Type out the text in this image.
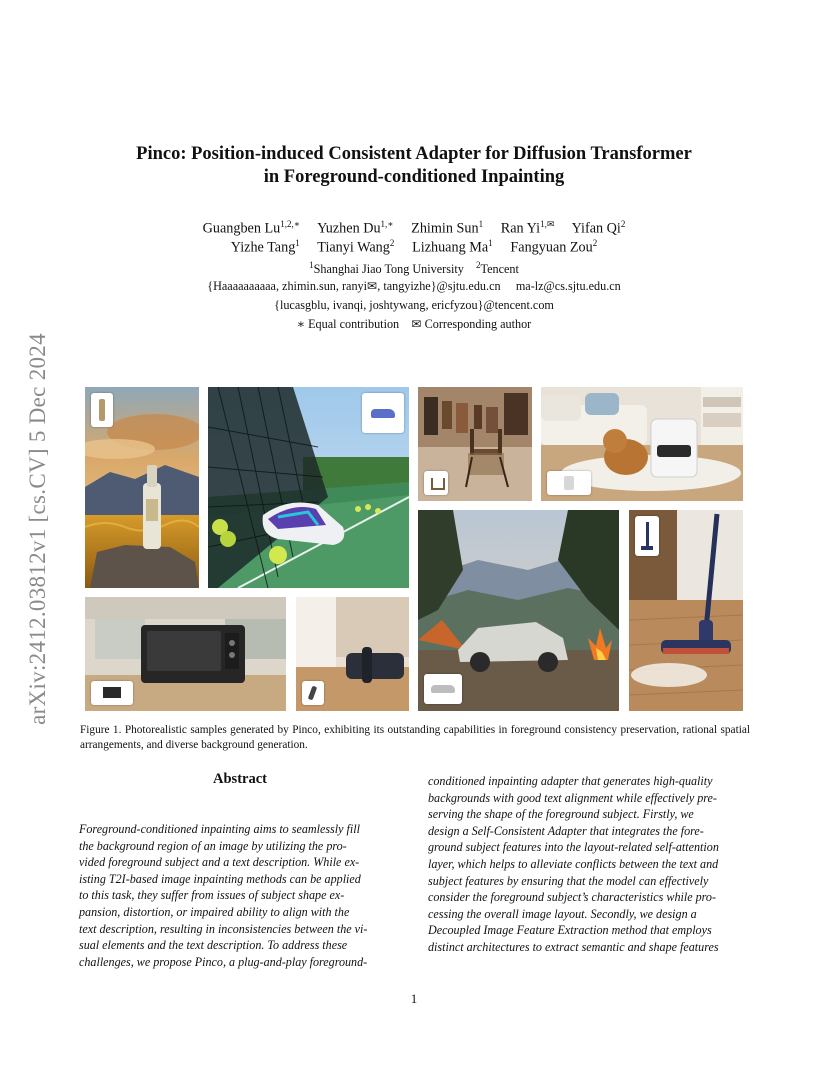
arXiv:2412.03812v1 [cs.CV] 5 Dec 2024
Pinco: Position-induced Consistent Adapter for Diffusion Transformer
in Foreground-conditioned Inpainting
Guangben $Lu^{1,2,∗}$ Yuzhen $Du^{1,∗}$ Zhimin Sun$^1$ Ran $Yi^{1,✉}$ Yifan Qi$^2$
Yizhe Tang$^1$ Tianyi Wang$^2$ Lizhuang Ma$^1$ Fangyuan Zou$^2$
$^1$Shanghai Jiao Tong University $^2$Tencent
{Haaaaaaaaaa, zhimin.sun, ranyi✉, tangyizhe}@sjtu.edu.cn ma-lz@cs.sjtu.edu.cn
{lucasgblu, ivanqi, joshtywang, ericfyzou}@tencent.com
∗ Equal contribution ✉ Corresponding author
Figure 1. Photorealistic samples generated by Pinco, exhibiting its outstanding capabilities in foreground consistency preservation, rational spatial arrangements, and diverse background generation.
Abstract

Foreground-conditioned inpainting aims to seamlessly fill

the background region of an image by utilizing the pro-

vided foreground subject and a text description. While ex-

isting T2I-based image inpainting methods can be applied

to this task, they suffer from issues of subject shape ex-

pansion, distortion, or impaired ability to align with the

text description, resulting in inconsistencies between the vi-

sual elements and the text description. To address these

challenges, we propose Pinco, a plug-and-play foreground-

conditioned inpainting adapter that generates high-quality

backgrounds with good text alignment while effectively pre-

serving the shape of the foreground subject. Firstly, we

design a Self-Consistent Adapter that integrates the fore-

ground subject features into the layout-related self-attention

layer, which helps to alleviate conflicts between the text and

subject features by ensuring that the model can effectively

consider the foreground subject’s characteristics while pro-

cessing the overall image layout. Secondly, we design a

Decoupled Image Feature Extraction method that employs

distinct architectures to extract semantic and shape features

1
